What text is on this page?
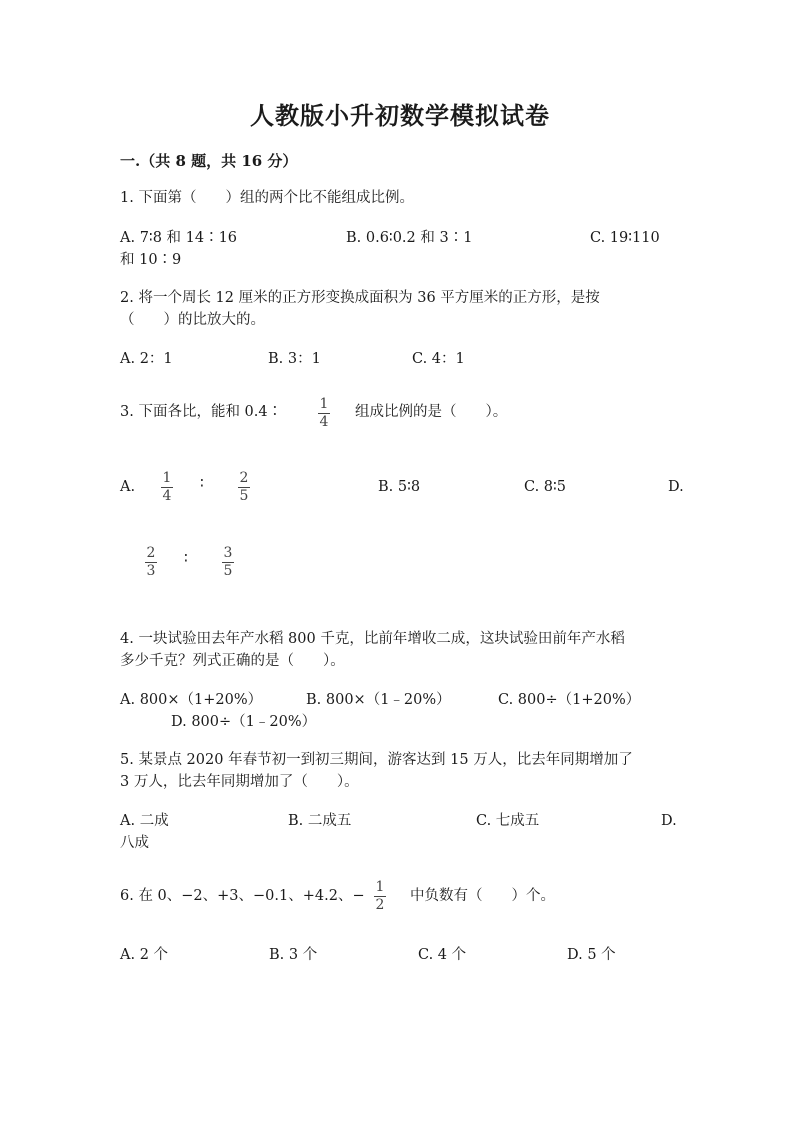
人教版小升初数学模拟试卷
一.（共 8 题，共 16 分）
1. 下面第（　　）组的两个比不能组成比例。
A. 7∶8 和 14∶16	B. 0.6∶0.2 和 3∶1	C. 19∶110
和 10∶9
2. 将一个周长 12 厘米的正方形变换成面积为 36 平方厘米的正方形，是按
（　　）的比放大的。
A. 2：1	B. 3：1	C. 4：1
3. 下面各比，能和 0.4∶	1
4
组成比例的是（　　）。
A.
1
4
∶	2
5
B. 5∶8	C. 8∶5	D.
2
3
∶	3
5
4. 一块试验田去年产水稻 800 千克，比前年增收二成，这块试验田前年产水稻
多少千克？列式正确的是（　　）。
A. 800×（1+20%）	B. 800×（1﹣20%）	C. 800÷（1+20%）
D. 800÷（1﹣20%）
5. 某景点 2020 年春节初一到初三期间，游客达到 15 万人，比去年同期增加了
3 万人，比去年同期增加了（　　）。
A. 二成	B. 二成五	C. 七成五	D.
八成
6. 在 0、−2、+3、−0.1、+4.2、−
1
2
中负数有（　　）个。
A. 2 个	B. 3 个	C. 4 个	D. 5 个
